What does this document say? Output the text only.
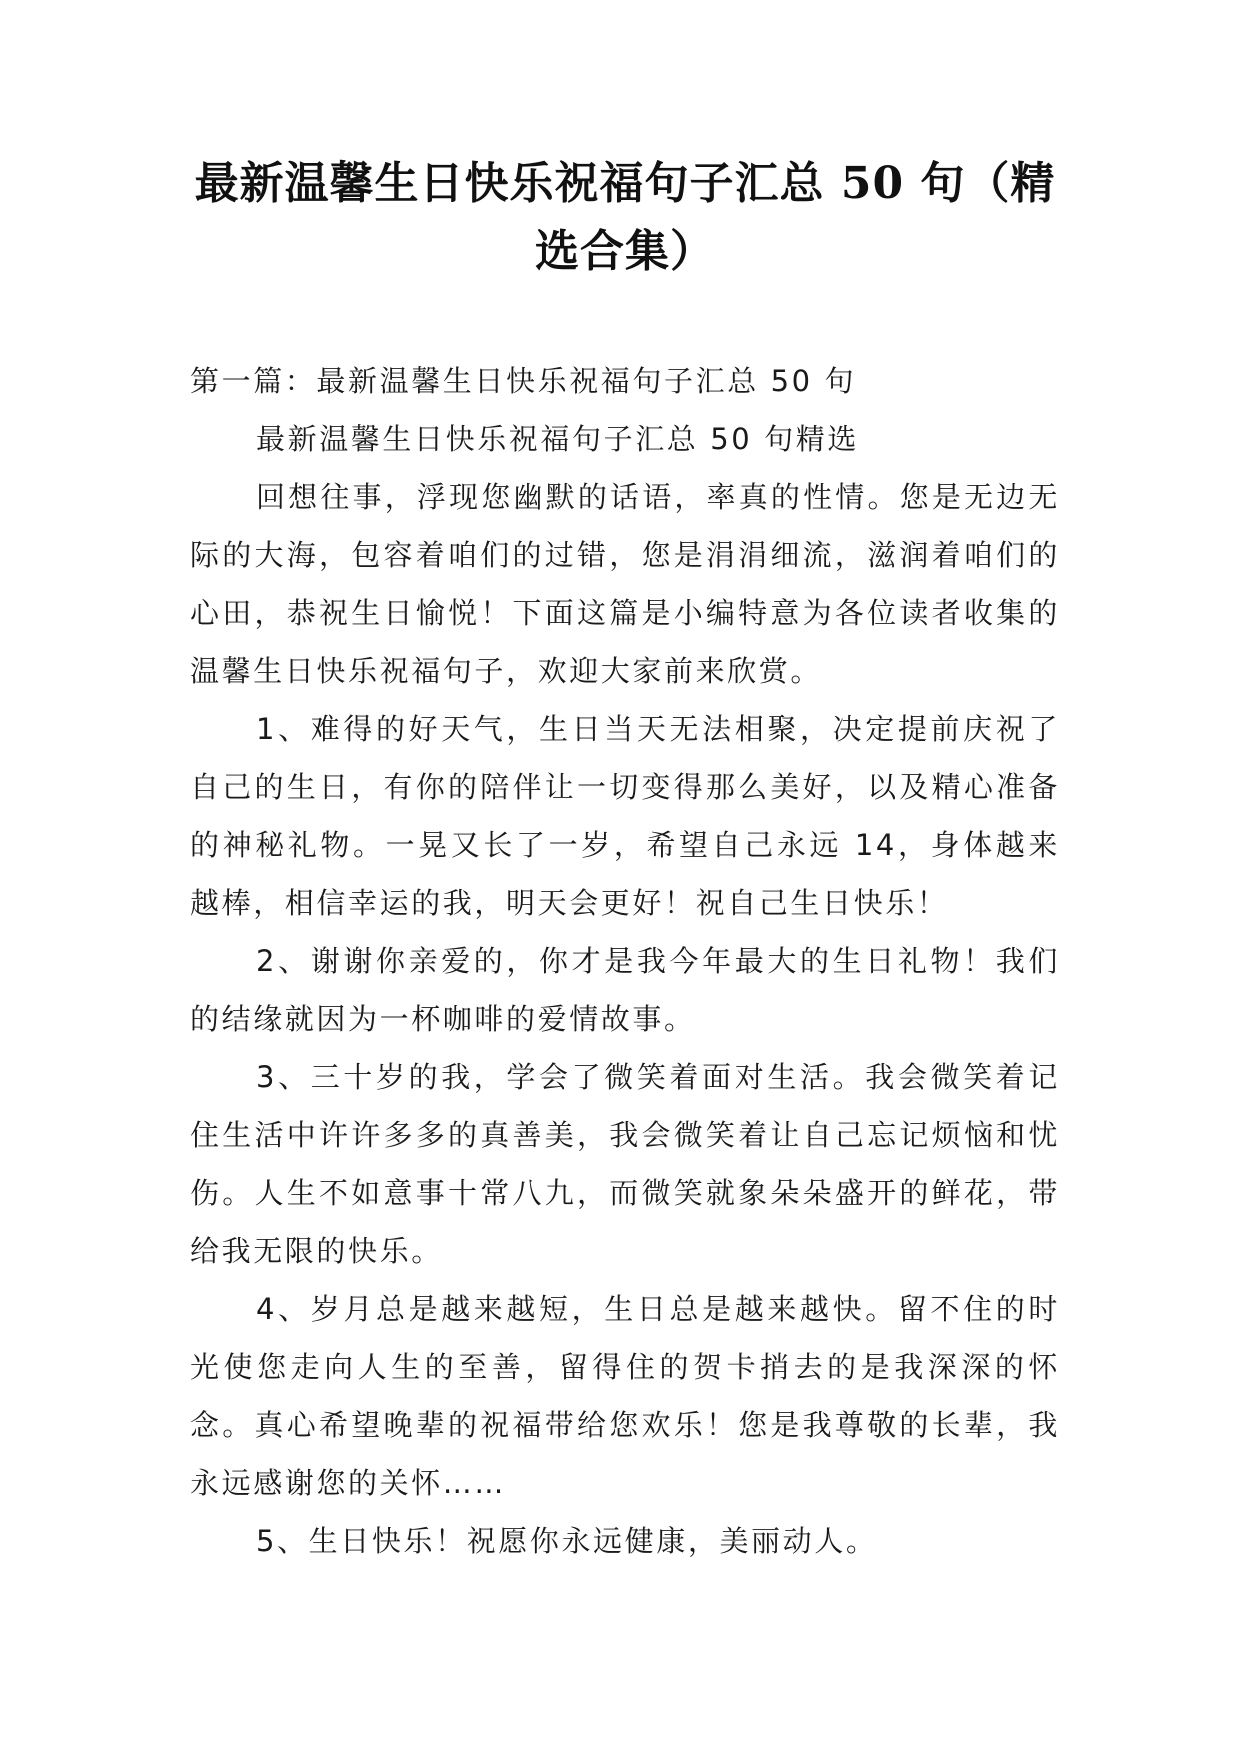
最新温馨生日快乐祝福句子汇总 50 句（精选合集）

第一篇：最新温馨生日快乐祝福句子汇总 50 句

最新温馨生日快乐祝福句子汇总 50 句精选

回想往事，浮现您幽默的话语，率真的性情。您是无边无际的大海，包容着咱们的过错，您是涓涓细流，滋润着咱们的心田，恭祝生日愉悦！下面这篇是小编特意为各位读者收集的温馨生日快乐祝福句子，欢迎大家前来欣赏。

1、难得的好天气，生日当天无法相聚，决定提前庆祝了自己的生日，有你的陪伴让一切变得那么美好，以及精心准备的神秘礼物。一晃又长了一岁，希望自己永远 14，身体越来越棒，相信幸运的我，明天会更好！祝自己生日快乐！

2、谢谢你亲爱的，你才是我今年最大的生日礼物！我们的结缘就因为一杯咖啡的爱情故事。

3、三十岁的我，学会了微笑着面对生活。我会微笑着记住生活中许许多多的真善美，我会微笑着让自己忘记烦恼和忧伤。人生不如意事十常八九，而微笑就象朵朵盛开的鲜花，带给我无限的快乐。

4、岁月总是越来越短，生日总是越来越快。留不住的时光使您走向人生的至善，留得住的贺卡捎去的是我深深的怀念。真心希望晚辈的祝福带给您欢乐！您是我尊敬的长辈，我永远感谢您的关怀……

5、生日快乐！祝愿你永远健康，美丽动人。
